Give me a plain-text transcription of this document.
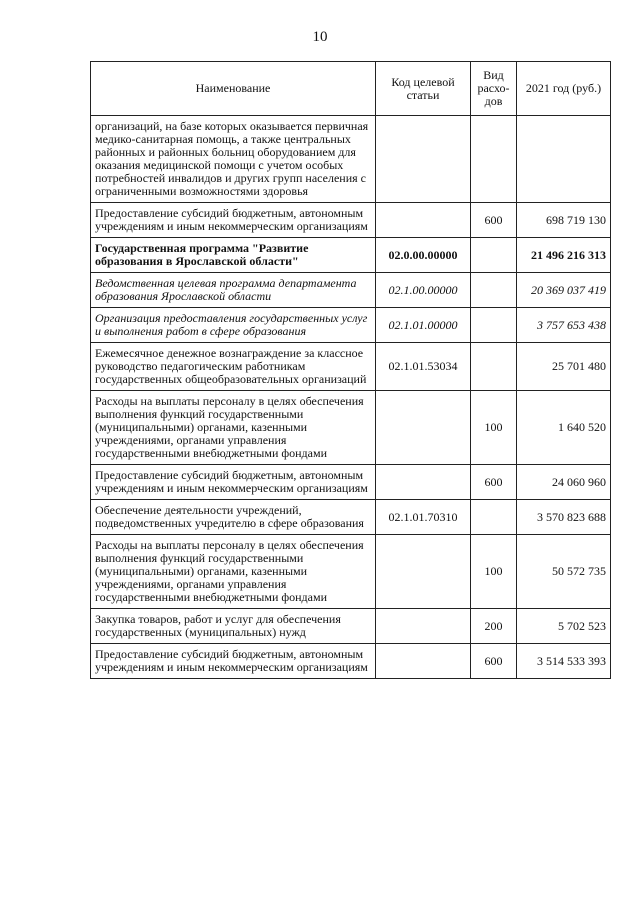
10
Наименование	Код целевой статьи	Вид расхо-дов	2021 год (руб.)
организаций, на базе которых оказывается первичная медико-санитарная помощь, а также центральных районных и районных больниц оборудованием для оказания медицинской помощи с учетом особых потребностей инвалидов и других групп населения с ограниченными возможностями здоровья			
Предоставление субсидий бюджетным, автономным учреждениям и иным некоммерческим организациям		600	698 719 130
Государственная программа "Развитие образования в Ярославской области"	02.0.00.00000		21 496 216 313
Ведомственная целевая программа департамента образования Ярославской области	02.1.00.00000		20 369 037 419
Организация предоставления государственных услуг и выполнения работ в сфере образования	02.1.01.00000		3 757 653 438
Ежемесячное денежное вознаграждение за классное руководство педагогическим работникам государственных общеобразовательных организаций	02.1.01.53034		25 701 480
Расходы на выплаты персоналу в целях обеспечения выполнения функций государственными (муниципальными) органами, казенными учреждениями, органами управления государственными внебюджетными фондами		100	1 640 520
Предоставление субсидий бюджетным, автономным учреждениям и иным некоммерческим организациям		600	24 060 960
Обеспечение деятельности учреждений, подведомственных учредителю в сфере образования	02.1.01.70310		3 570 823 688
Расходы на выплаты персоналу в целях обеспечения выполнения функций государственными (муниципальными) органами, казенными учреждениями, органами управления государственными внебюджетными фондами		100	50 572 735
Закупка товаров, работ и услуг для обеспечения государственных (муниципальных) нужд		200	5 702 523
Предоставление субсидий бюджетным, автономным учреждениям и иным некоммерческим организациям		600	3 514 533 393
